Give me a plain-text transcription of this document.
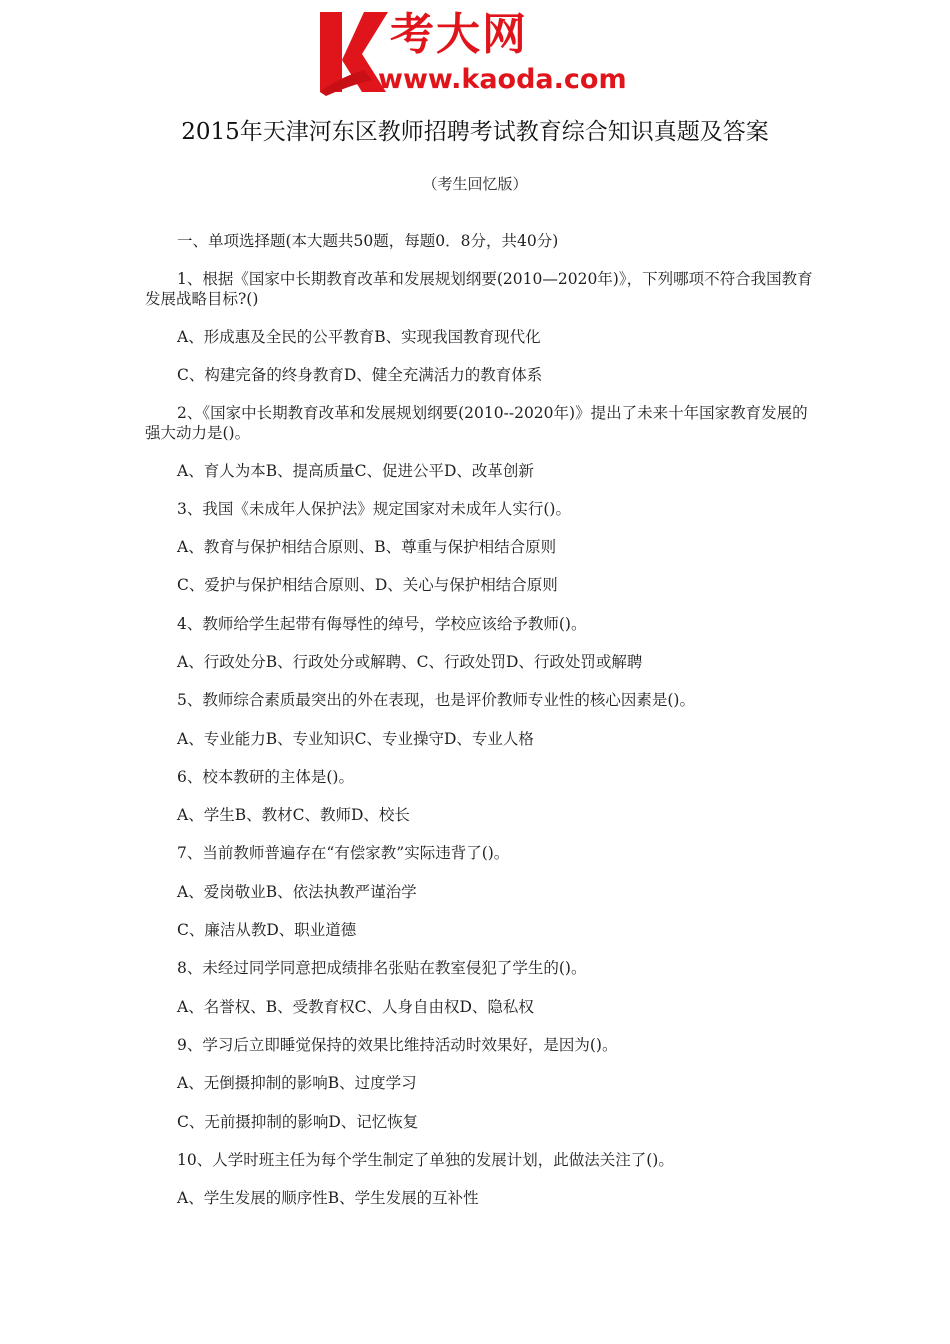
考大网
www.kaoda.com
2015年天津河东区教师招聘考试教育综合知识真题及答案
（考生回忆版）
一、单项选择题(本大题共50题，每题0．8分，共40分)
1、根据《国家中长期教育改革和发展规划纲要(2010—2020年)》，下列哪项不符合我国教育发展战略目标?()
A、形成惠及全民的公平教育B、实现我国教育现代化
C、构建完备的终身教育D、健全充满活力的教育体系
2、《国家中长期教育改革和发展规划纲要(2010--2020年)》提出了未来十年国家教育发展的强大动力是()。
A、育人为本B、提高质量C、促进公平D、改革创新
3、我国《未成年人保护法》规定国家对未成年人实行()。
A、教育与保护相结合原则、B、尊重与保护相结合原则
C、爱护与保护相结合原则、D、关心与保护相结合原则
4、教师给学生起带有侮辱性的绰号，学校应该给予教师()。
A、行政处分B、行政处分或解聘、C、行政处罚D、行政处罚或解聘
5、教师综合素质最突出的外在表现，也是评价教师专业性的核心因素是()。
A、专业能力B、专业知识C、专业操守D、专业人格
6、校本教研的主体是()。
A、学生B、教材C、教师D、校长
7、当前教师普遍存在“有偿家教”实际违背了()。
A、爱岗敬业B、依法执教严谨治学
C、廉洁从教D、职业道德
8、未经过同学同意把成绩排名张贴在教室侵犯了学生的()。
A、名誉权、B、受教育权C、人身自由权D、隐私权
9、学习后立即睡觉保持的效果比维持活动时效果好，是因为()。
A、无倒摄抑制的影响B、过度学习
C、无前摄抑制的影响D、记忆恢复
10、人学时班主任为每个学生制定了单独的发展计划，此做法关注了()。
A、学生发展的顺序性B、学生发展的互补性
